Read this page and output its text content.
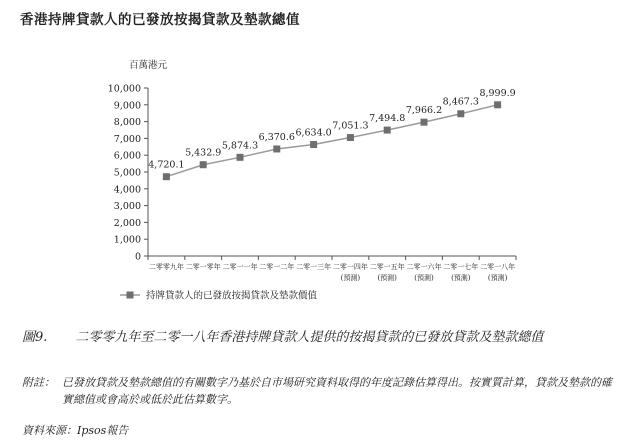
香港持牌貸款人的已發放按揭貸款及墊款總值
百萬港元
0
1,000
2,000
3,000
4,000
5,000
6,000
7,000
8,000
9,000
10,000
二零零九年 二零一零年 二零一一年 二零一二年 二零一三年 二零一四年
(預測)
二零一五年
(預測)
二零一六年
(預測)
二零一七年
(預測)
二零一八年
(預測)
4,720.1
5,432.9
5,874.3
6,370.6 6,634.0
7,051.3
7,494.8
7,966.2
8,467.3
8,999.9
持牌貸款人的已發放按揭貸款及墊款價值
圖9. 二零零九年至二零一八年香港持牌貸款人提供的按揭貸款的已發放貸款及墊款總值
附註： 已發放貸款及墊款總值的有關數字乃基於自市場研究資料取得的年度記錄估算得出。按實質計算，貸款及墊款的確實總值或會高於或低於此估算數字。
資料來源：Ipsos報告
